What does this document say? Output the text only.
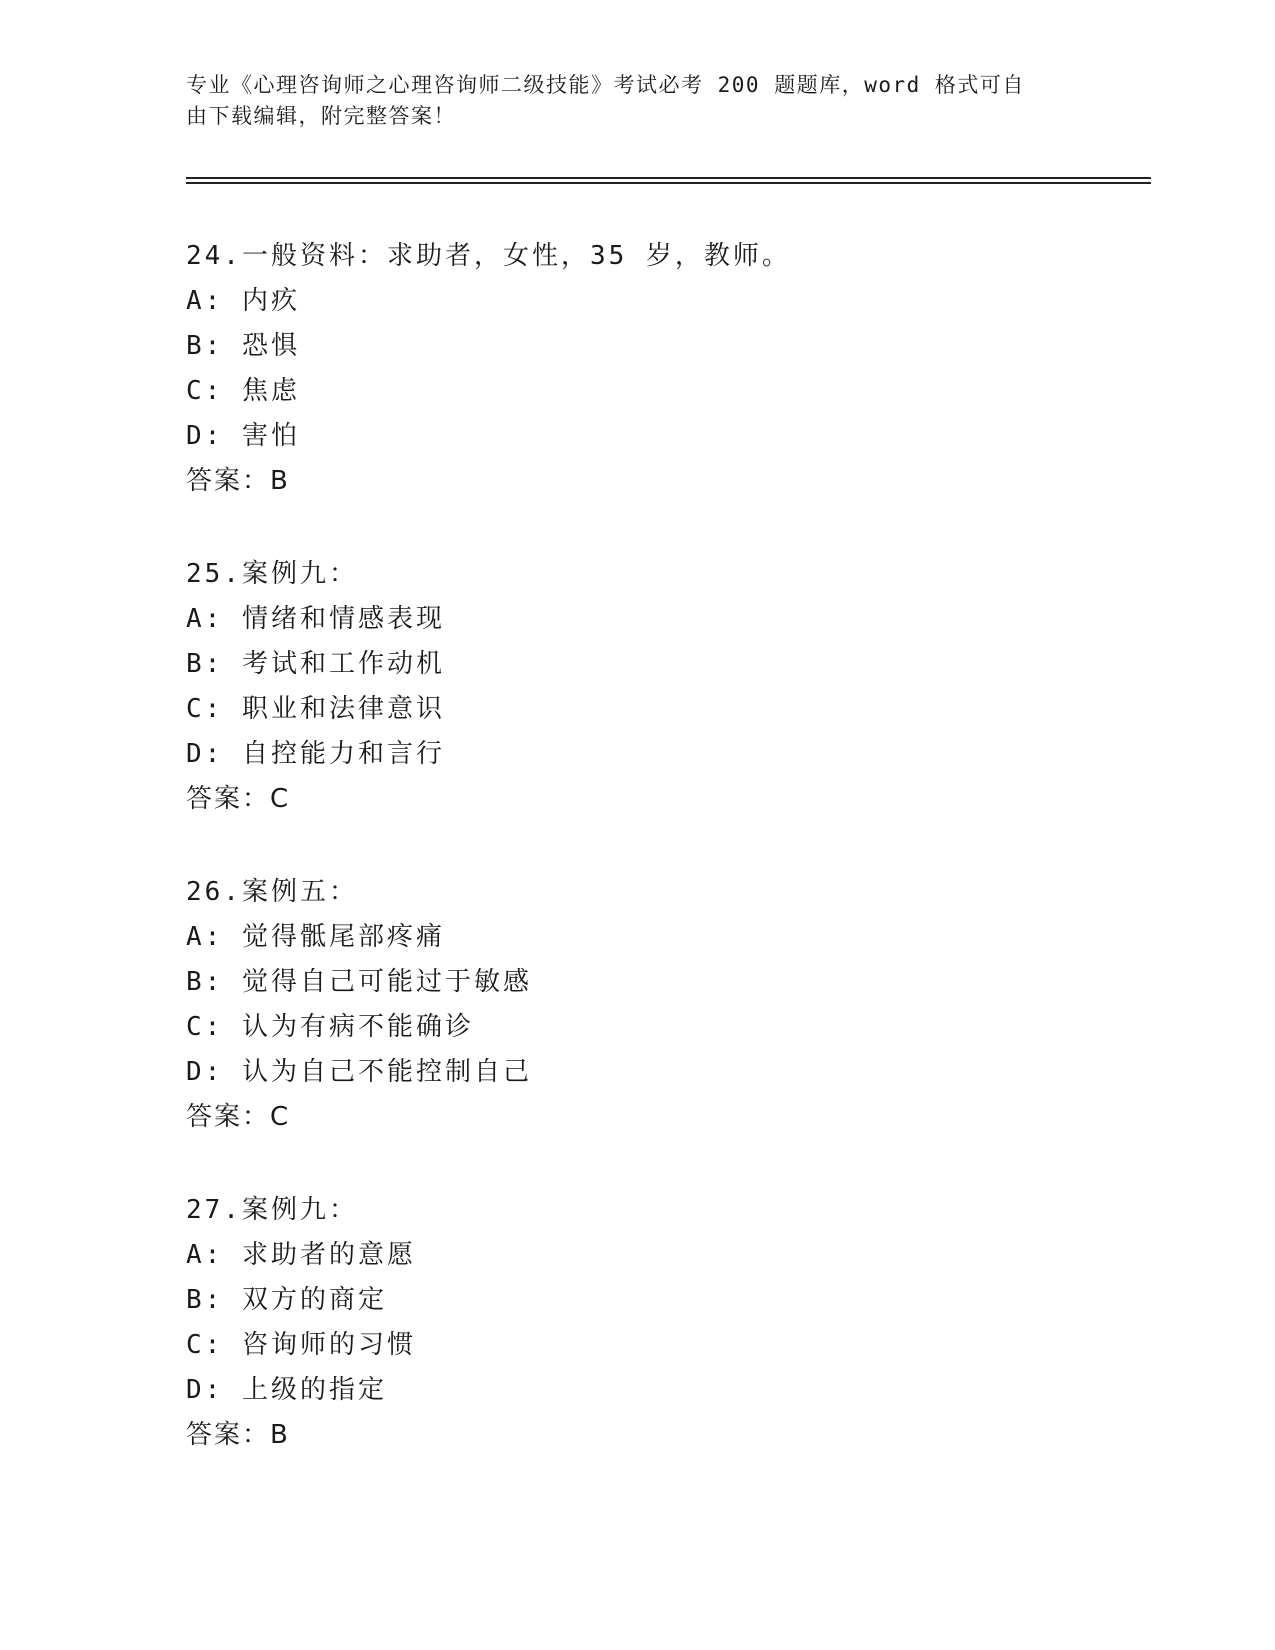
专业《心理咨询师之心理咨询师二级技能》考试必考 200 题题库，word 格式可自
由下载编辑，附完整答案！
24.一般资料：求助者，女性，35 岁，教师。
A: 内疚
B: 恐惧
C: 焦虑
D: 害怕
答案：B
25.案例九：
A: 情绪和情感表现
B: 考试和工作动机
C: 职业和法律意识
D: 自控能力和言行
答案：C
26.案例五：
A: 觉得骶尾部疼痛
B: 觉得自己可能过于敏感
C: 认为有病不能确诊
D: 认为自己不能控制自己
答案：C
27.案例九：
A: 求助者的意愿
B: 双方的商定
C: 咨询师的习惯
D: 上级的指定
答案：B
